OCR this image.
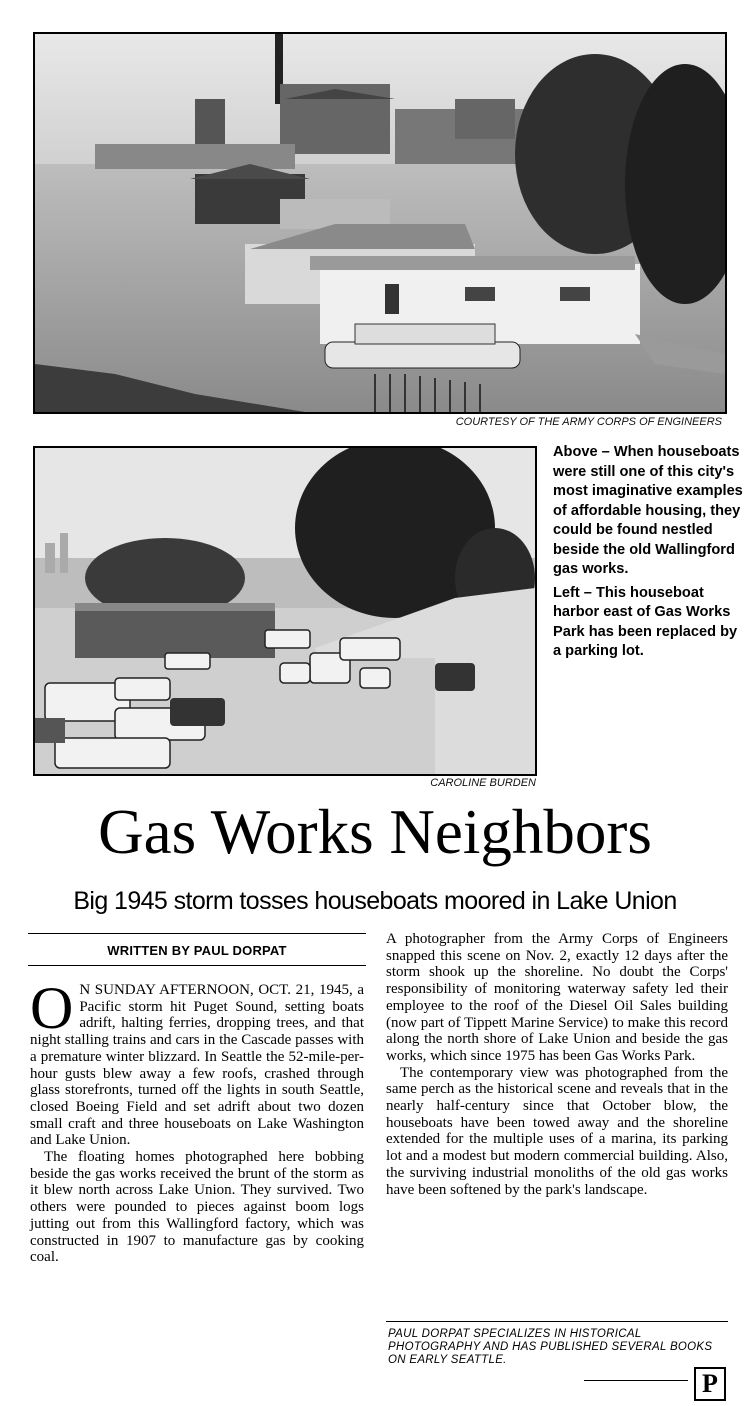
COURTESY OF THE ARMY CORPS OF ENGINEERS
CAROLINE BURDEN

Above – When houseboats were still one of this city's most imaginative examples of affordable housing, they could be found nestled beside the old Wallingford gas works.

Left – This houseboat harbor east of Gas Works Park has been replaced by a parking lot.

Gas Works Neighbors
Big 1945 storm tosses houseboats moored in Lake Union
WRITTEN BY PAUL DORPAT

O N SUNDAY AFTERNOON, OCT. 21, 1945, a Pacific storm hit Puget Sound, setting boats adrift, halting ferries, dropping trees, and that night stalling trains and cars in the Cascade passes with a premature winter blizzard. In Seattle the 52-mile-per-hour gusts blew away a few roofs, crashed through glass storefronts, turned off the lights in south Seattle, closed Boeing Field and set adrift about two dozen small craft and three houseboats on Lake Washington and Lake Union.

The floating homes photographed here bobbing beside the gas works received the brunt of the storm as it blew north across Lake Union. They survived. Two others were pounded to pieces against boom logs jutting out from this Wallingford factory, which was constructed in 1907 to manufacture gas by cooking coal.

A photographer from the Army Corps of Engineers snapped this scene on Nov. 2, exactly 12 days after the storm shook up the shoreline. No doubt the Corps' responsibility of monitoring waterway safety led their employee to the roof of the Diesel Oil Sales building (now part of Tippett Marine Service) to make this record along the north shore of Lake Union and beside the gas works, which since 1975 has been Gas Works Park.

The contemporary view was photographed from the same perch as the historical scene and reveals that in the nearly half-century since that October blow, the houseboats have been towed away and the shoreline extended for the multiple uses of a marina, its parking lot and a modest but modern commercial building. Also, the surviving industrial monoliths of the old gas works have been softened by the park's landscape.

PAUL DORPAT SPECIALIZES IN HISTORICAL PHOTOGRAPHY AND HAS PUBLISHED SEVERAL BOOKS ON EARLY SEATTLE.
P
